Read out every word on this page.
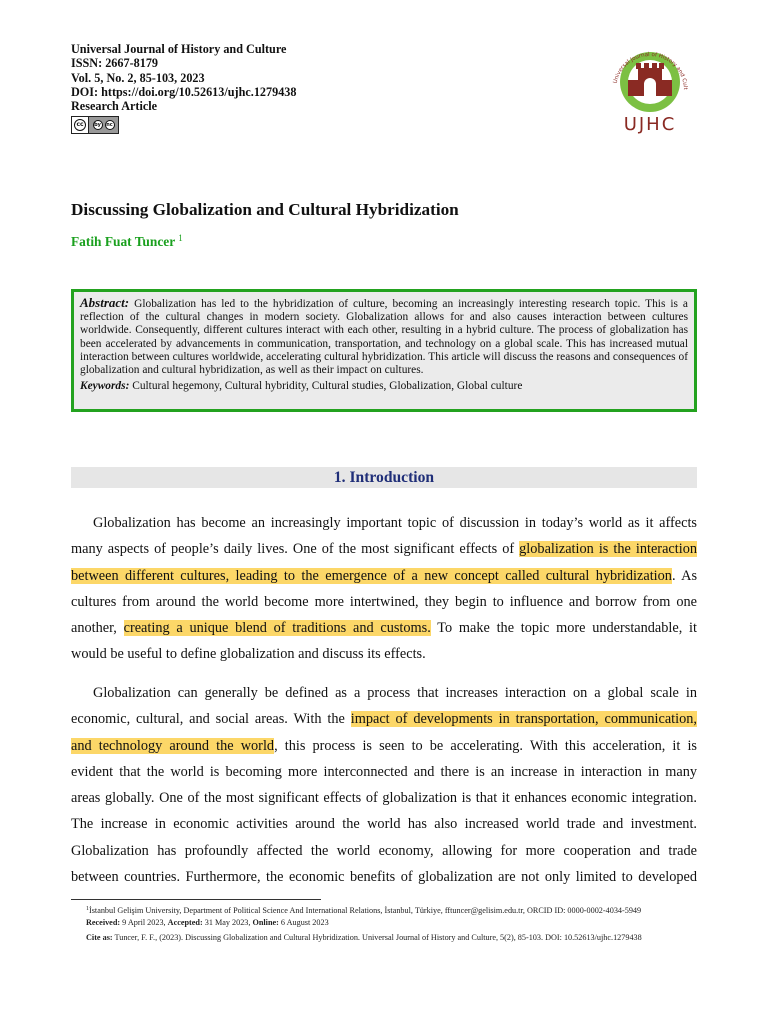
Universal Journal of History and Culture
ISSN: 2667-8179
Vol. 5, No. 2, 85-103, 2023
DOI: https://doi.org/10.52613/ujhc.1279438
Research Article
cc	by	nc
Universal Journal of History and Cult
UJHC
Discussing Globalization and Cultural Hybridization
Fatih Fuat Tuncer $^1$
Abstract: Globalization has led to the hybridization of culture, becoming an increasingly interesting research topic. This is a reflection of the cultural changes in modern society. Globalization allows for and also causes interaction between cultures worldwide. Consequently, different cultures interact with each other, resulting in a hybrid culture. The process of globalization has been accelerated by advancements in communication, transportation, and technology on a global scale. This has increased mutual interaction between cultures worldwide, accelerating cultural hybridization. This article will discuss the reasons and consequences of globalization and cultural hybridization, as well as their impact on cultures.
Keywords: Cultural hegemony, Cultural hybridity, Cultural studies, Globalization, Global culture
1. Introduction

Globalization has become an increasingly important topic of discussion in today’s world as it affects
many aspects of people’s daily lives. One of the most significant effects of globalization is the interaction
between different cultures, leading to the emergence of a new concept called cultural hybridization. As
cultures from around the world become more intertwined, they begin to influence and borrow from one
another, creating a unique blend of traditions and customs. To make the topic more understandable, it
would be useful to define globalization and discuss its effects.

Globalization can generally be defined as a process that increases interaction on a global scale in
economic, cultural, and social areas. With the impact of developments in transportation, communication,
and technology around the world, this process is seen to be accelerating. With this acceleration, it is
evident that the world is becoming more interconnected and there is an increase in interaction in many
areas globally. One of the most significant effects of globalization is that it enhances economic integration.
The increase in economic activities around the world has also increased world trade and investment.
Globalization has profoundly affected the world economy, allowing for more cooperation and trade
between countries. Furthermore, the economic benefits of globalization are not only limited to developed

$^1$İstanbul Gelişim University, Department of Political Science And International Relations, İstanbul, Türkiye, fftuncer@gelisim.edu.tr, ORCID ID: 0000-0002-4034-5949
Received: 9 April 2023, Accepted: 31 May 2023, Online: 6 August 2023
Cite as: Tuncer, F. F., (2023). Discussing Globalization and Cultural Hybridization. Universal Journal of History and Culture, 5(2), 85-103. DOI: 10.52613/ujhc.1279438
